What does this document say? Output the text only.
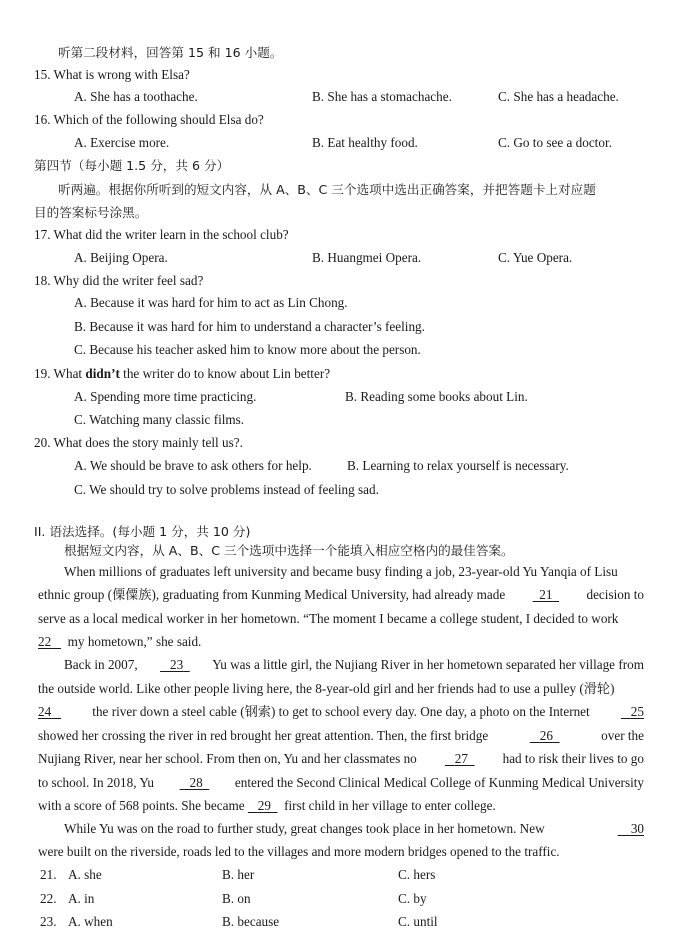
听第二段材料，回答第 15 和 16 小题。
15. What is wrong with Elsa?
A. She has a toothache.	B. She has a stomachache.	C. She has a headache.
16. Which of the following should Elsa do?
A. Exercise more.	B. Eat healthy food.	C. Go to see a doctor.
第四节（每小题 1.5 分，共 6 分）
听两遍。根据你所听到的短文内容，从 A、B、C 三个选项中选出正确答案，并把答题卡上对应题
目的答案标号涂黑。
17. What did the writer learn in the school club?
A. Beijing Opera.	B. Huangmei Opera.	C. Yue Opera.
18. Why did the writer feel sad?
A. Because it was hard for him to act as Lin Chong.
B. Because it was hard for him to understand a character’s feeling.
C. Because his teacher asked him to know more about the person.
19. What didn’t the writer do to know about Lin better?
A. Spending more time practicing.	B. Reading some books about Lin.
C. Watching many classic films.
20. What does the story mainly tell us?.
A. We should be brave to ask others for help.	B. Learning to relax yourself is necessary.
C. We should try to solve problems instead of feeling sad.
II. 语法选择。(每小题 1 分，共 10 分)
根据短文内容，从 A、B、C 三个选项中选择一个能填入相应空格内的最佳答案。
When millions of graduates left university and became busy finding a job, 23-year-old Yu Yanqia of Lisu
ethnic group (傈僳族), graduating from Kunming Medical University, had already made	21	decision to
serve as a local medical worker in her hometown. “The moment I became a college student, I decided to work
22 my hometown,” she said.
Back in 2007,	23	Yu was a little girl, the Nujiang River in her hometown separated her village from
the outside world. Like other people living here, the 8-year-old girl and her friends had to use a pulley (滑轮)
24	the river down a steel cable (钢索) to get to school every day. One day, a photo on the Internet	25
showed her crossing the river in red brought her great attention. Then, the first bridge	26	over the
Nujiang River, near her school. From then on, Yu and her classmates no	27	had to risk their lives to go
to school. In 2018, Yu	28	entered the Second Clinical Medical College of Kunming Medical University
with a score of 568 points. She became 29 first child in her village to enter college.
While Yu was on the road to further study, great changes took place in her hometown. New	30
were built on the riverside, roads led to the villages and more modern bridges opened to the traffic.
21. A. she	B. her	C. hers
22. A. in	B. on	C. by
23. A. when	B. because	C. until
